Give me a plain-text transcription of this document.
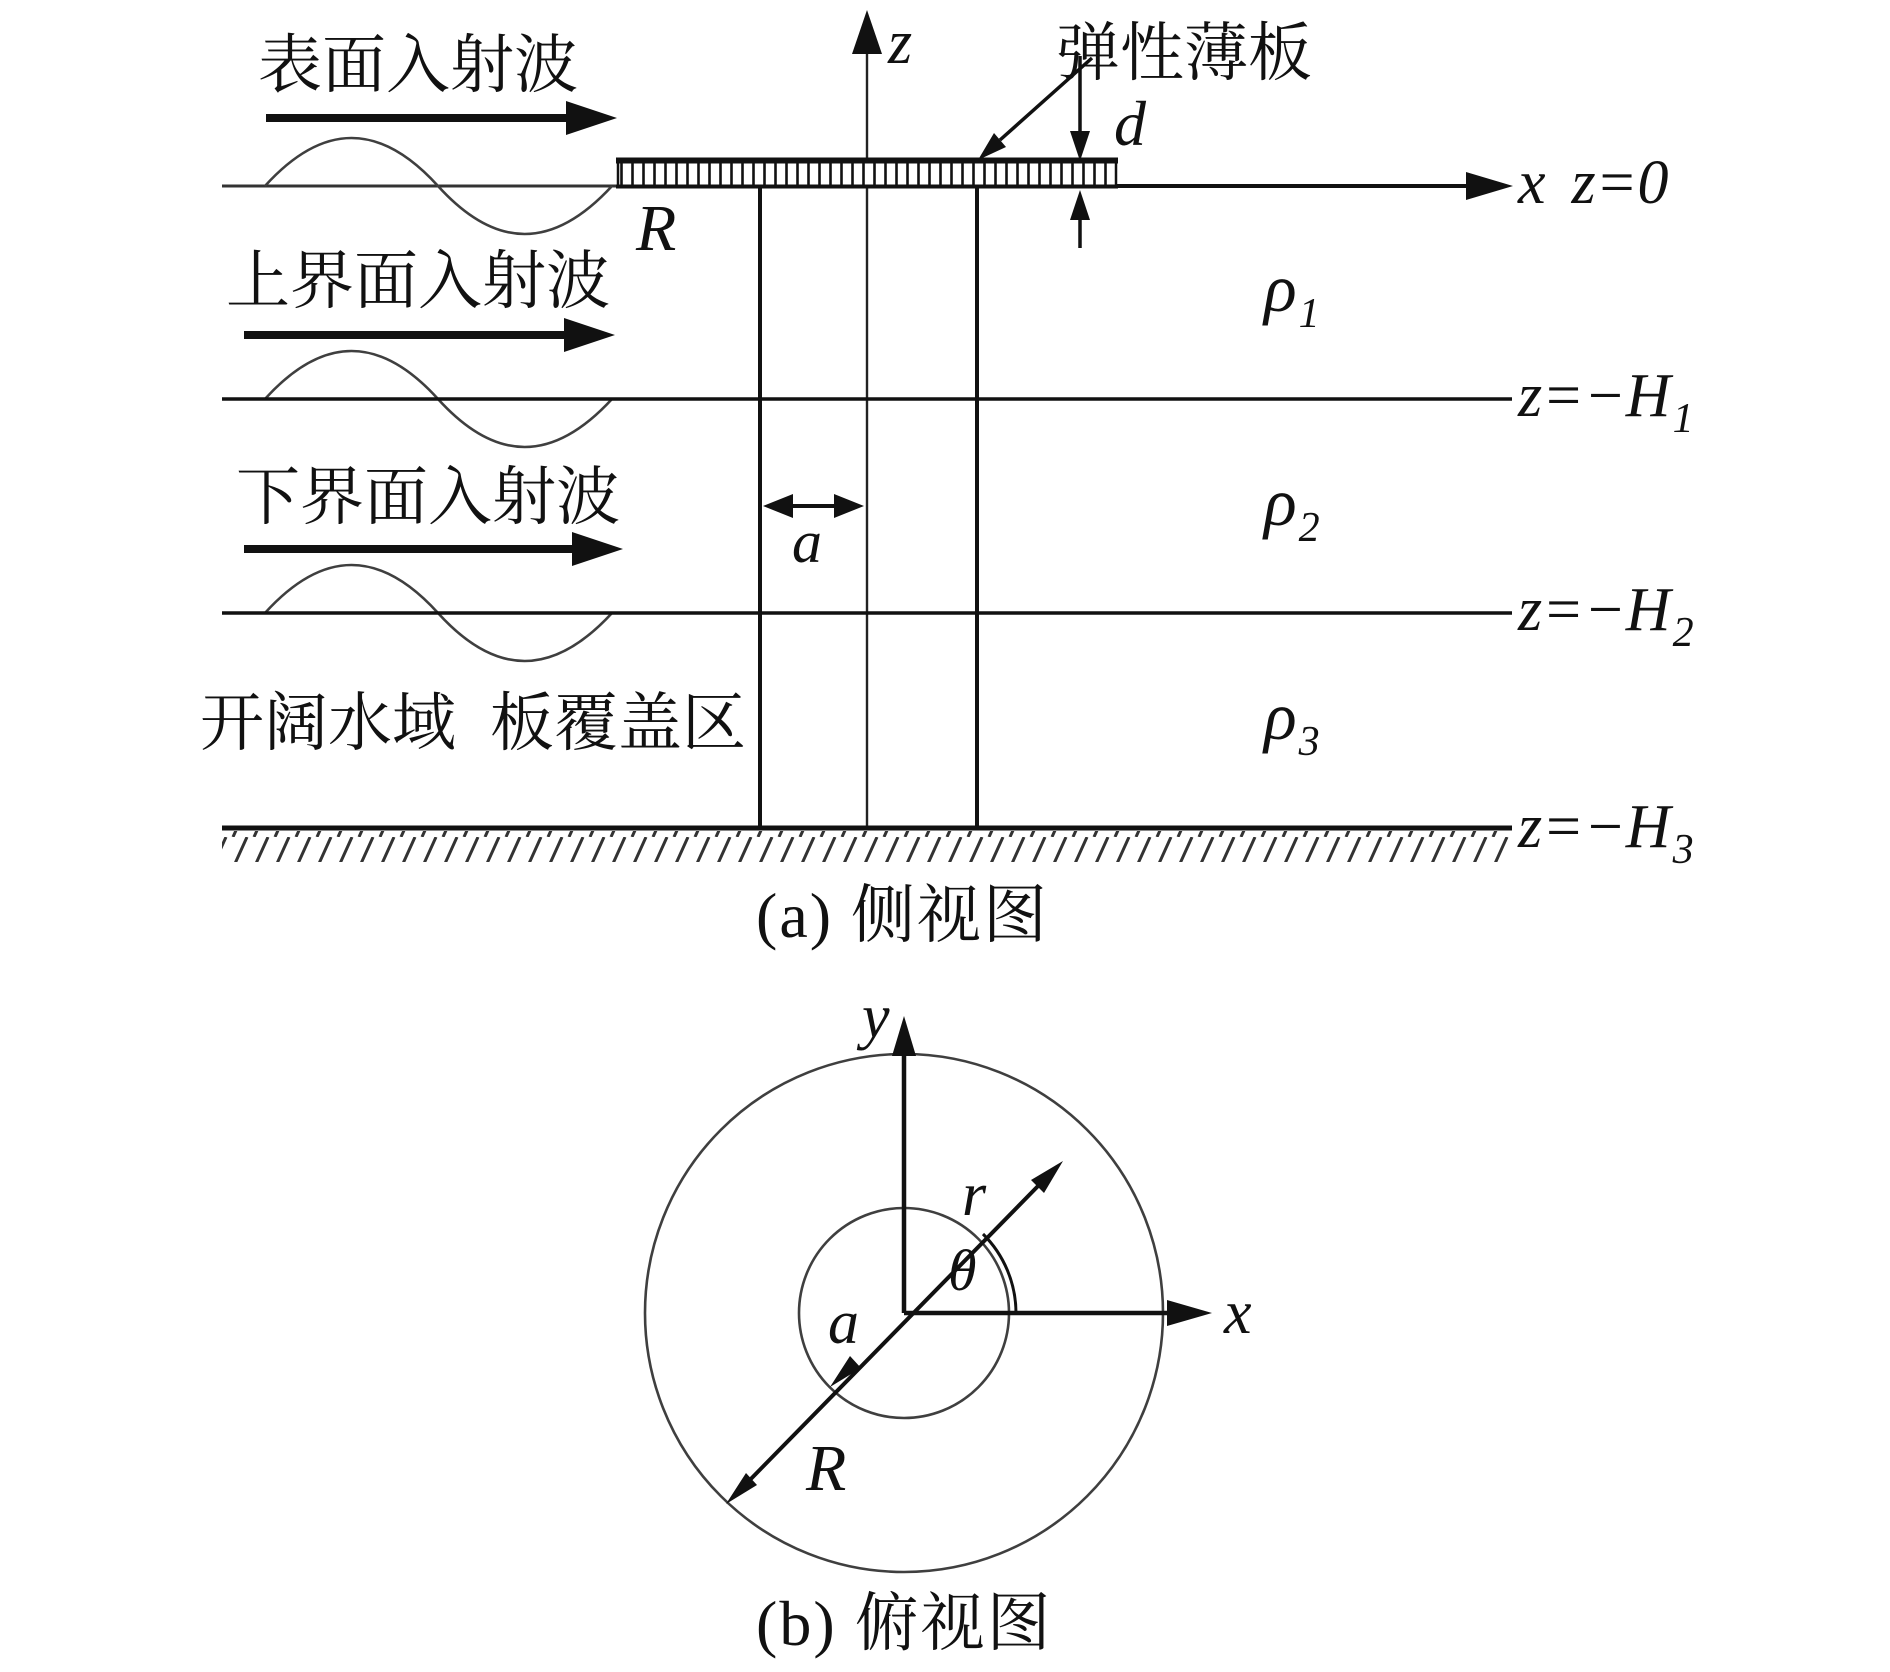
表面入射波
上界面入射波
下界面入射波
开阔水域 板覆盖区
弹性薄板
d
R
a
z
x z=0
$z=-H_1$
$z=-H_2$
$z=-H_3$
$\rho_1$
$\rho_2$
$\rho_3$
(a) 侧视图
y
x
r
θ
a
R
(b) 俯视图
